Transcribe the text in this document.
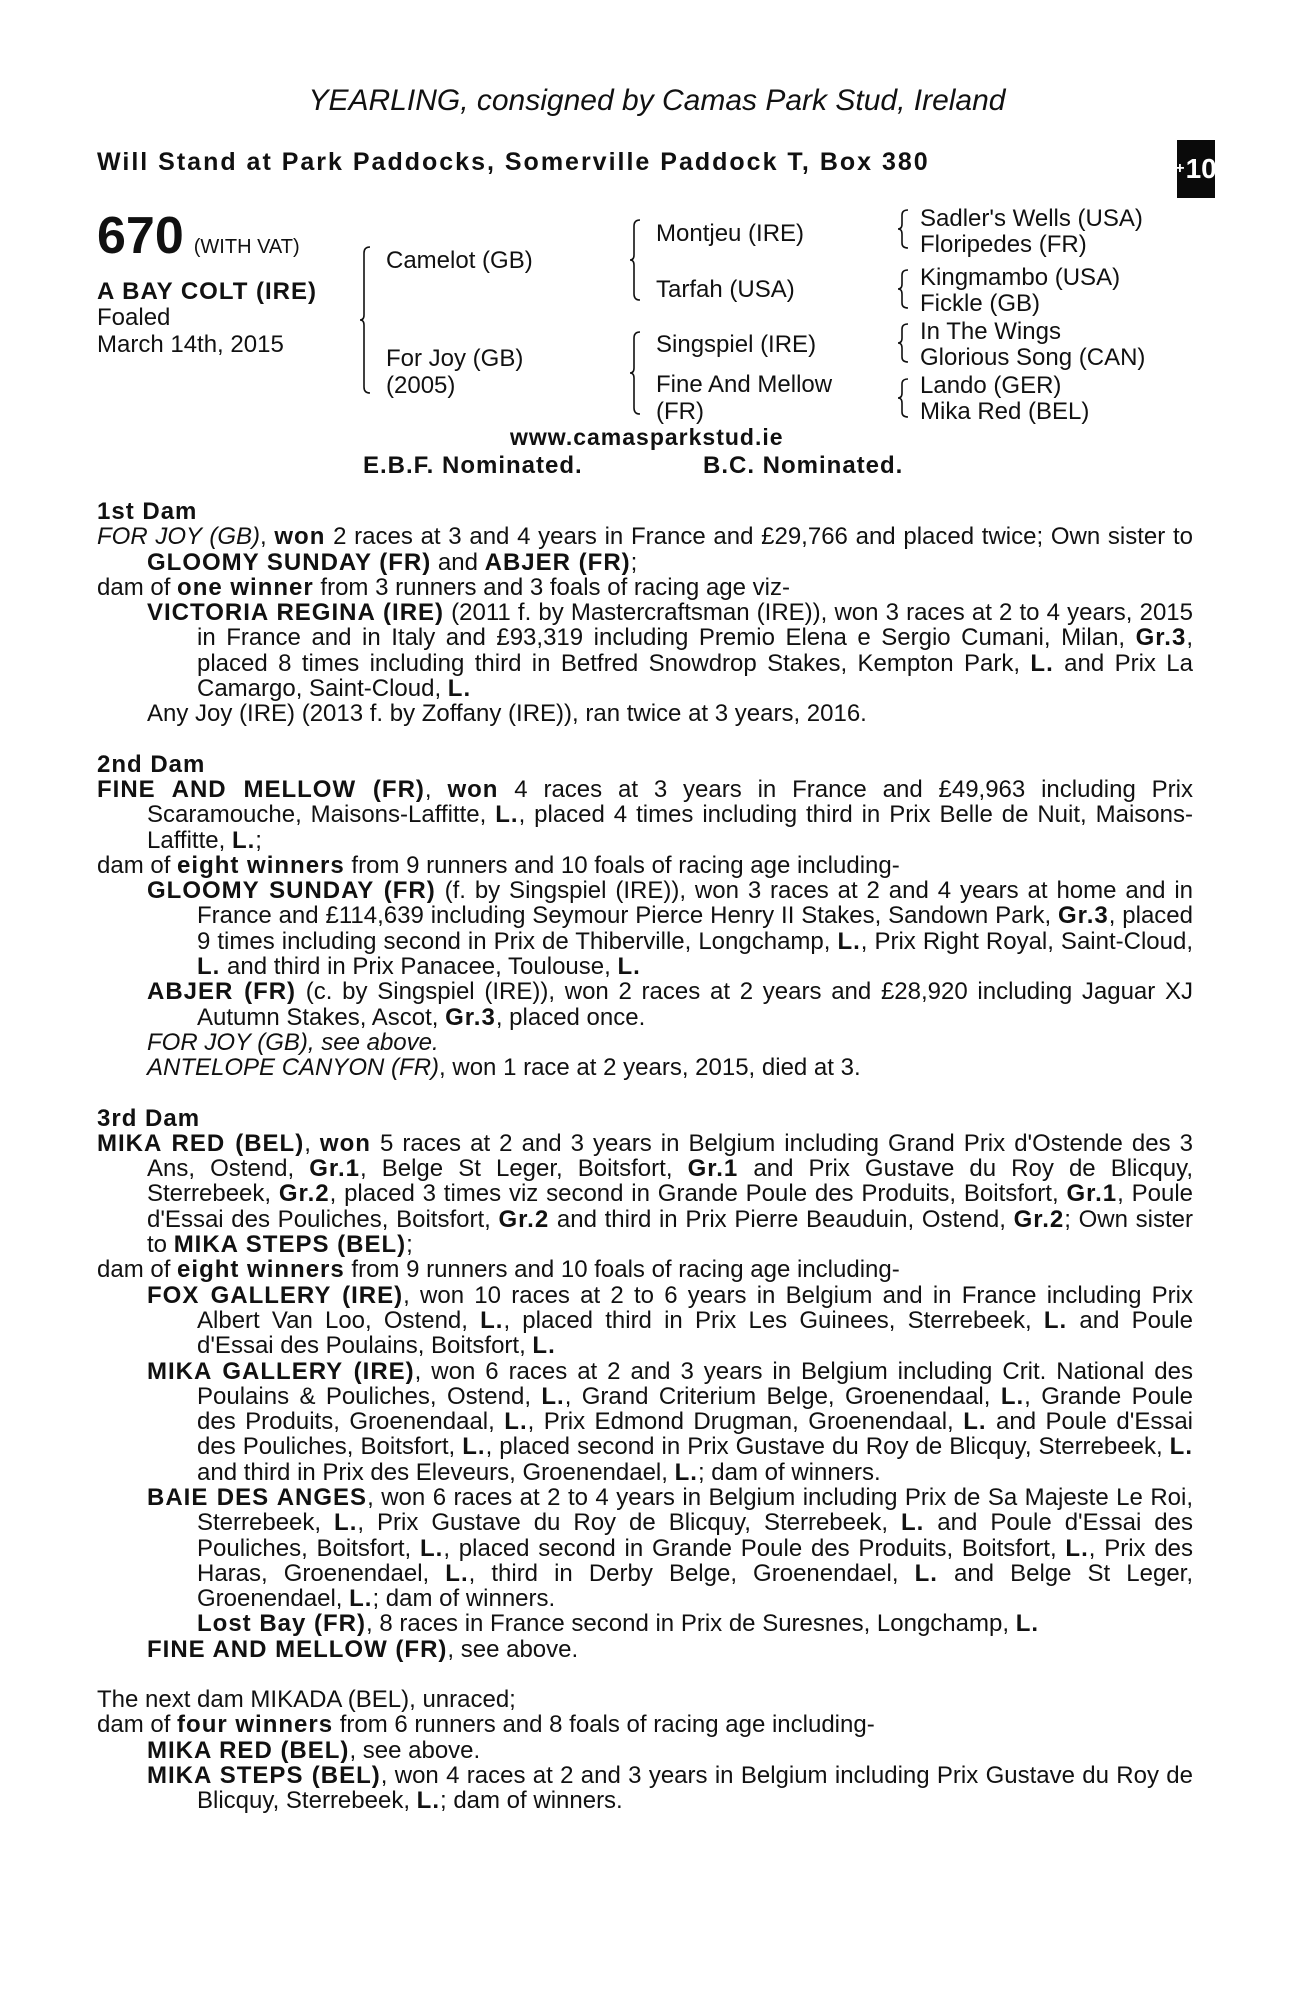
YEARLING, consigned by Camas Park Stud, Ireland
Will Stand at Park Paddocks, Somerville Paddock T, Box 380	+ 10
670 (WITH VAT)
A BAY COLT (IRE)
Foaled
March 14th, 2015
Camelot (GB)
For Joy (GB)
(2005)
Montjeu (IRE)
Tarfah (USA)
Singspiel (IRE)
Fine And Mellow
(FR)
Sadler's Wells (USA)
Floripedes (FR)
Kingmambo (USA)
Fickle (GB)
In The Wings
Glorious Song (CAN)
Lando (GER)
Mika Red (BEL)
www.camasparkstud.ie
E.B.F. Nominated.	B.C. Nominated.
1st Dam
FOR JOY (GB), won 2 races at 3 and 4 years in France and £29,766 and placed twice; Own sister to GLOOMY SUNDAY (FR) and ABJER (FR);
dam of one winner from 3 runners and 3 foals of racing age viz-
VICTORIA REGINA (IRE) (2011 f. by Mastercraftsman (IRE)), won 3 races at 2 to 4 years, 2015 in France and in Italy and £93,319 including Premio Elena e Sergio Cumani, Milan, Gr.3, placed 8 times including third in Betfred Snowdrop Stakes, Kempton Park, L. and Prix La Camargo, Saint-Cloud, L.
Any Joy (IRE) (2013 f. by Zoffany (IRE)), ran twice at 3 years, 2016.
2nd Dam
FINE AND MELLOW (FR), won 4 races at 3 years in France and £49,963 including Prix Scaramouche, Maisons-Laffitte, L., placed 4 times including third in Prix Belle de Nuit, Maisons-Laffitte, L.;
dam of eight winners from 9 runners and 10 foals of racing age including-
GLOOMY SUNDAY (FR) (f. by Singspiel (IRE)), won 3 races at 2 and 4 years at home and in France and £114,639 including Seymour Pierce Henry II Stakes, Sandown Park, Gr.3, placed 9 times including second in Prix de Thiberville, Longchamp, L., Prix Right Royal, Saint-Cloud, L. and third in Prix Panacee, Toulouse, L.
ABJER (FR) (c. by Singspiel (IRE)), won 2 races at 2 years and £28,920 including Jaguar XJ Autumn Stakes, Ascot, Gr.3, placed once.
FOR JOY (GB), see above.
ANTELOPE CANYON (FR), won 1 race at 2 years, 2015, died at 3.
3rd Dam
MIKA RED (BEL), won 5 races at 2 and 3 years in Belgium including Grand Prix d'Ostende des 3 Ans, Ostend, Gr.1, Belge St Leger, Boitsfort, Gr.1 and Prix Gustave du Roy de Blicquy, Sterrebeek, Gr.2, placed 3 times viz second in Grande Poule des Produits, Boitsfort, Gr.1, Poule d'Essai des Pouliches, Boitsfort, Gr.2 and third in Prix Pierre Beauduin, Ostend, Gr.2; Own sister to MIKA STEPS (BEL);
dam of eight winners from 9 runners and 10 foals of racing age including-
FOX GALLERY (IRE), won 10 races at 2 to 6 years in Belgium and in France including Prix Albert Van Loo, Ostend, L., placed third in Prix Les Guinees, Sterrebeek, L. and Poule d'Essai des Poulains, Boitsfort, L.
MIKA GALLERY (IRE), won 6 races at 2 and 3 years in Belgium including Crit. National des Poulains & Pouliches, Ostend, L., Grand Criterium Belge, Groenendaal, L., Grande Poule des Produits, Groenendaal, L., Prix Edmond Drugman, Groenendaal, L. and Poule d'Essai des Pouliches, Boitsfort, L., placed second in Prix Gustave du Roy de Blicquy, Sterrebeek, L. and third in Prix des Eleveurs, Groenendael, L.; dam of winners.
BAIE DES ANGES, won 6 races at 2 to 4 years in Belgium including Prix de Sa Majeste Le Roi, Sterrebeek, L., Prix Gustave du Roy de Blicquy, Sterrebeek, L. and Poule d'Essai des Pouliches, Boitsfort, L., placed second in Grande Poule des Produits, Boitsfort, L., Prix des Haras, Groenendael, L., third in Derby Belge, Groenendael, L. and Belge St Leger, Groenendael, L.; dam of winners.
Lost Bay (FR), 8 races in France second in Prix de Suresnes, Longchamp, L.
FINE AND MELLOW (FR), see above.
The next dam MIKADA (BEL), unraced;
dam of four winners from 6 runners and 8 foals of racing age including-
MIKA RED (BEL), see above.
MIKA STEPS (BEL), won 4 races at 2 and 3 years in Belgium including Prix Gustave du Roy de Blicquy, Sterrebeek, L.; dam of winners.
